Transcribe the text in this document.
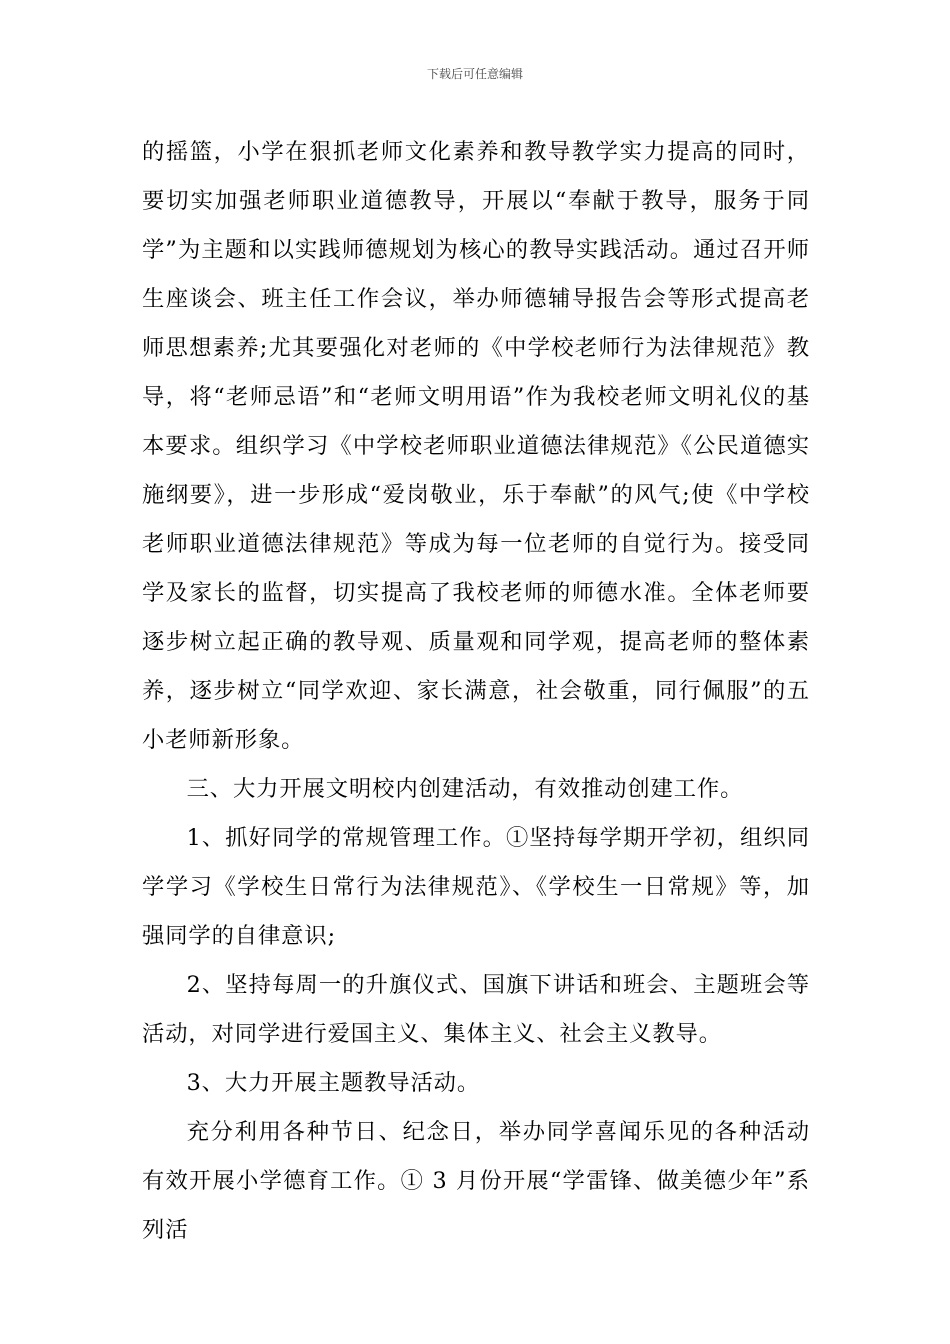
下载后可任意编辑

的摇篮，小学在狠抓老师文化素养和教导教学实力提高的同时，要切实加强老师职业道德教导，开展以“奉献于教导，服务于同学”为主题和以实践师德规划为核心的教导实践活动。通过召开师生座谈会、班主任工作会议，举办师德辅导报告会等形式提高老师思想素养;尤其要强化对老师的《中学校老师行为法律规范》教导，将“老师忌语”和“老师文明用语”作为我校老师文明礼仪的基本要求。组织学习《中学校老师职业道德法律规范》《公民道德实施纲要》，进一步形成“爱岗敬业，乐于奉献”的风气;使《中学校老师职业道德法律规范》等成为每一位老师的自觉行为。接受同学及家长的监督，切实提高了我校老师的师德水准。全体老师要逐步树立起正确的教导观、质量观和同学观，提高老师的整体素养，逐步树立“同学欢迎、家长满意，社会敬重，同行佩服”的五小老师新形象。

三、大力开展文明校内创建活动，有效推动创建工作。

1、抓好同学的常规管理工作。①坚持每学期开学初，组织同学学习《学校生日常行为法律规范》、《学校生一日常规》等，加强同学的自律意识;

2、坚持每周一的升旗仪式、国旗下讲话和班会、主题班会等活动，对同学进行爱国主义、集体主义、社会主义教导。

3、大力开展主题教导活动。

充分利用各种节日、纪念日，举办同学喜闻乐见的各种活动有效开展小学德育工作。① 3 月份开展“学雷锋、做美德少年”系列活
